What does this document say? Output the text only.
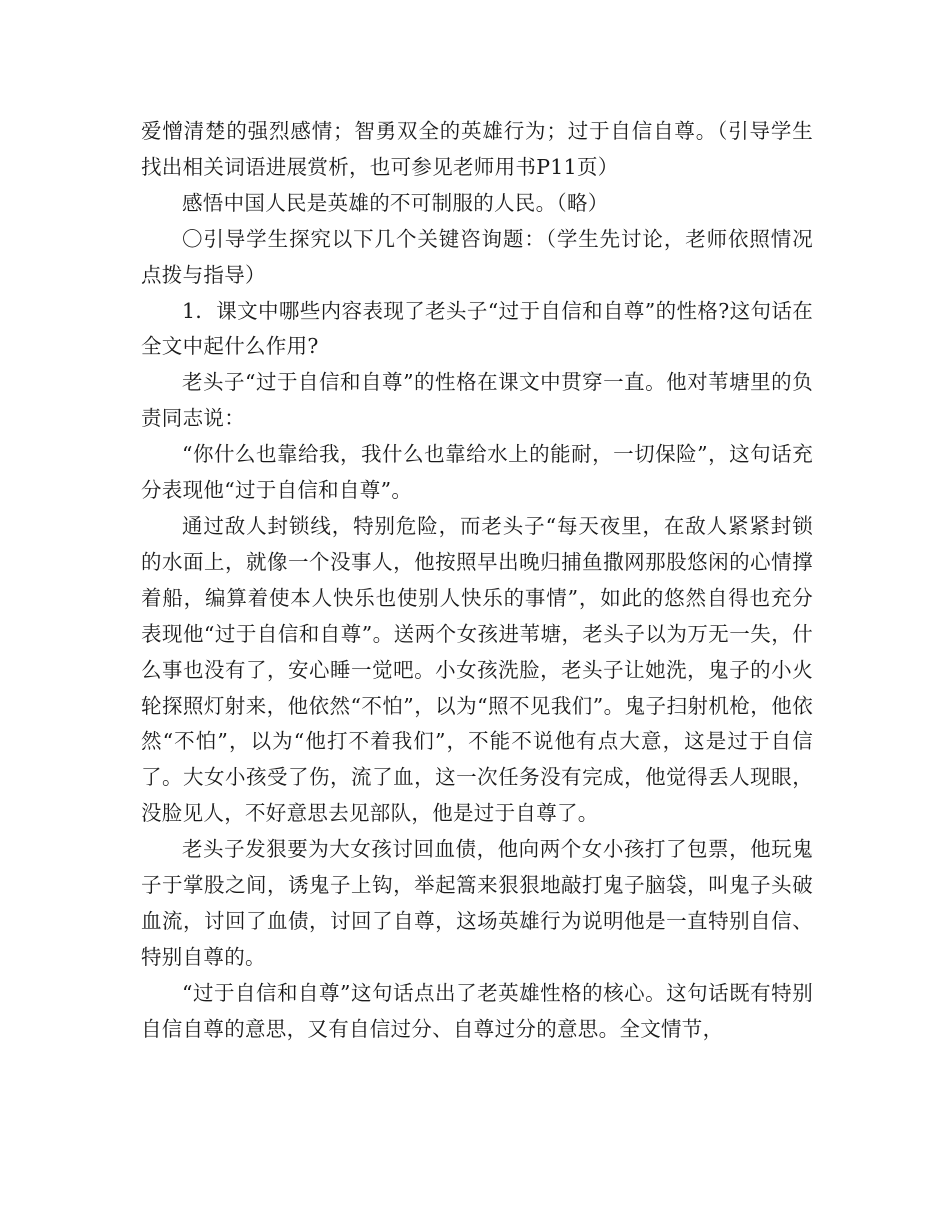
爱憎清楚的强烈感情；智勇双全的英雄行为；过于自信自尊。（引导学生找出相关词语进展赏析，也可参见老师用书P11页）

感悟中国人民是英雄的不可制服的人民。（略）

〇引导学生探究以下几个关键咨询题：（学生先讨论，老师依照情况点拨与指导）

1．课文中哪些内容表现了老头子“过于自信和自尊”的性格?这句话在全文中起什么作用?

老头子“过于自信和自尊”的性格在课文中贯穿一直。他对苇塘里的负责同志说：

“你什么也靠给我，我什么也靠给水上的能耐，一切保险”，这句话充分表现他“过于自信和自尊”。

通过敌人封锁线，特别危险，而老头子“每天夜里，在敌人紧紧封锁的水面上，就像一个没事人，他按照早出晚归捕鱼撒网那股悠闲的心情撑着船，编算着使本人快乐也使别人快乐的事情”，如此的悠然自得也充分表现他“过于自信和自尊”。送两个女孩进苇塘，老头子以为万无一失，什么事也没有了，安心睡一觉吧。小女孩洗脸，老头子让她洗，鬼子的小火轮探照灯射来，他依然“不怕”，以为“照不见我们”。鬼子扫射机枪，他依然“不怕”，以为“他打不着我们”，不能不说他有点大意，这是过于自信了。大女小孩受了伤，流了血，这一次任务没有完成，他觉得丢人现眼，没脸见人，不好意思去见部队，他是过于自尊了。

老头子发狠要为大女孩讨回血债，他向两个女小孩打了包票，他玩鬼子于掌股之间，诱鬼子上钩，举起篙来狠狠地敲打鬼子脑袋，叫鬼子头破血流，讨回了血债，讨回了自尊，这场英雄行为说明他是一直特别自信、特别自尊的。

“过于自信和自尊”这句话点出了老英雄性格的核心。这句话既有特别自信自尊的意思，又有自信过分、自尊过分的意思。全文情节，
